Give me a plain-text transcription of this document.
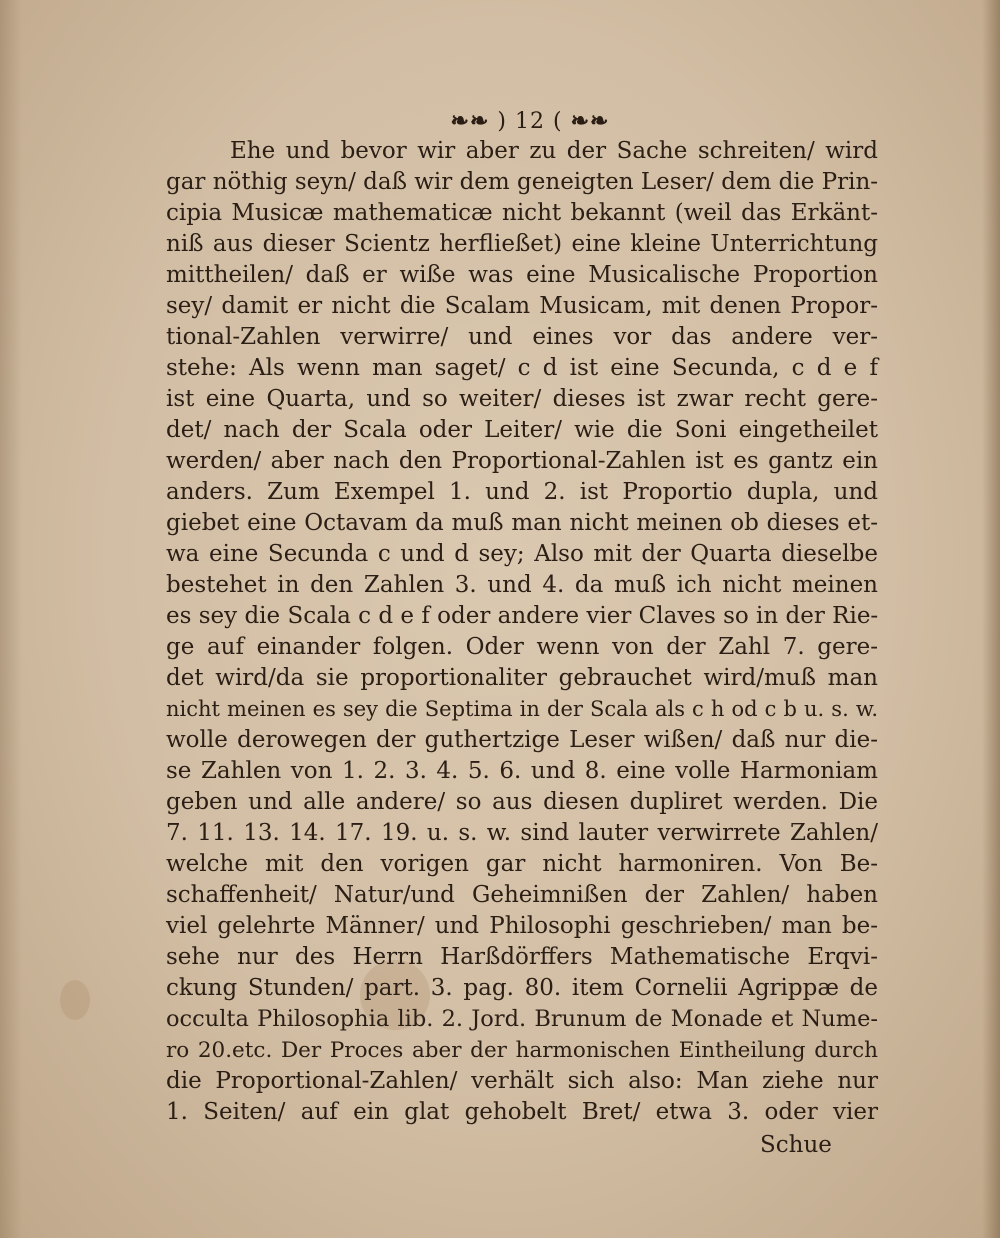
❧❧ ) 12 ( ❧❧
Ehe und bevor wir aber zu der Sache schreiten/ wird
gar nöthig seyn/ daß wir dem geneigten Leser/ dem die Prin-
cipia Musicæ mathematicæ nicht bekannt (weil das Erkänt-
niß aus dieser Scientz herfließet) eine kleine Unterrichtung
mittheilen/ daß er wiße was eine Musicalische Proportion
sey/ damit er nicht die Scalam Musicam, mit denen Propor-
tional-Zahlen verwirre/ und eines vor das andere ver-
stehe: Als wenn man saget/ c d ist eine Secunda, c d e f
ist eine Quarta, und so weiter/ dieses ist zwar recht gere-
det/ nach der Scala oder Leiter/ wie die Soni eingetheilet
werden/ aber nach den Proportional-Zahlen ist es gantz ein
anders. Zum Exempel 1. und 2. ist Proportio dupla, und
giebet eine Octavam da muß man nicht meinen ob dieses et-
wa eine Secunda c und d sey; Also mit der Quarta dieselbe
bestehet in den Zahlen 3. und 4. da muß ich nicht meinen
es sey die Scala c d e f oder andere vier Claves so in der Rie-
ge auf einander folgen. Oder wenn von der Zahl 7. gere-
det wird/da sie proportionaliter gebrauchet wird/muß man
nicht meinen es sey die Septima in der Scala als c h od c b u. s. w.
wolle derowegen der guthertzige Leser wißen/ daß nur die-
se Zahlen von 1. 2. 3. 4. 5. 6. und 8. eine volle Harmoniam
geben und alle andere/ so aus diesen dupliret werden. Die
7. 11. 13. 14. 17. 19. u. s. w. sind lauter verwirrete Zahlen/
welche mit den vorigen gar nicht harmoniren. Von Be-
schaffenheit/ Natur/und Geheimnißen der Zahlen/ haben
viel gelehrte Männer/ und Philosophi geschrieben/ man be-
sehe nur des Herrn Harßdörffers Mathematische Erqvi-
ckung Stunden/ part. 3. pag. 80. item Cornelii Agrippæ de
occulta Philosophia lib. 2. Jord. Brunum de Monade et Nume-
ro 20.etc. Der Proces aber der harmonischen Eintheilung durch
die Proportional-Zahlen/ verhält sich also: Man ziehe nur
1. Seiten/ auf ein glat gehobelt Bret/ etwa 3. oder vier
Schue
